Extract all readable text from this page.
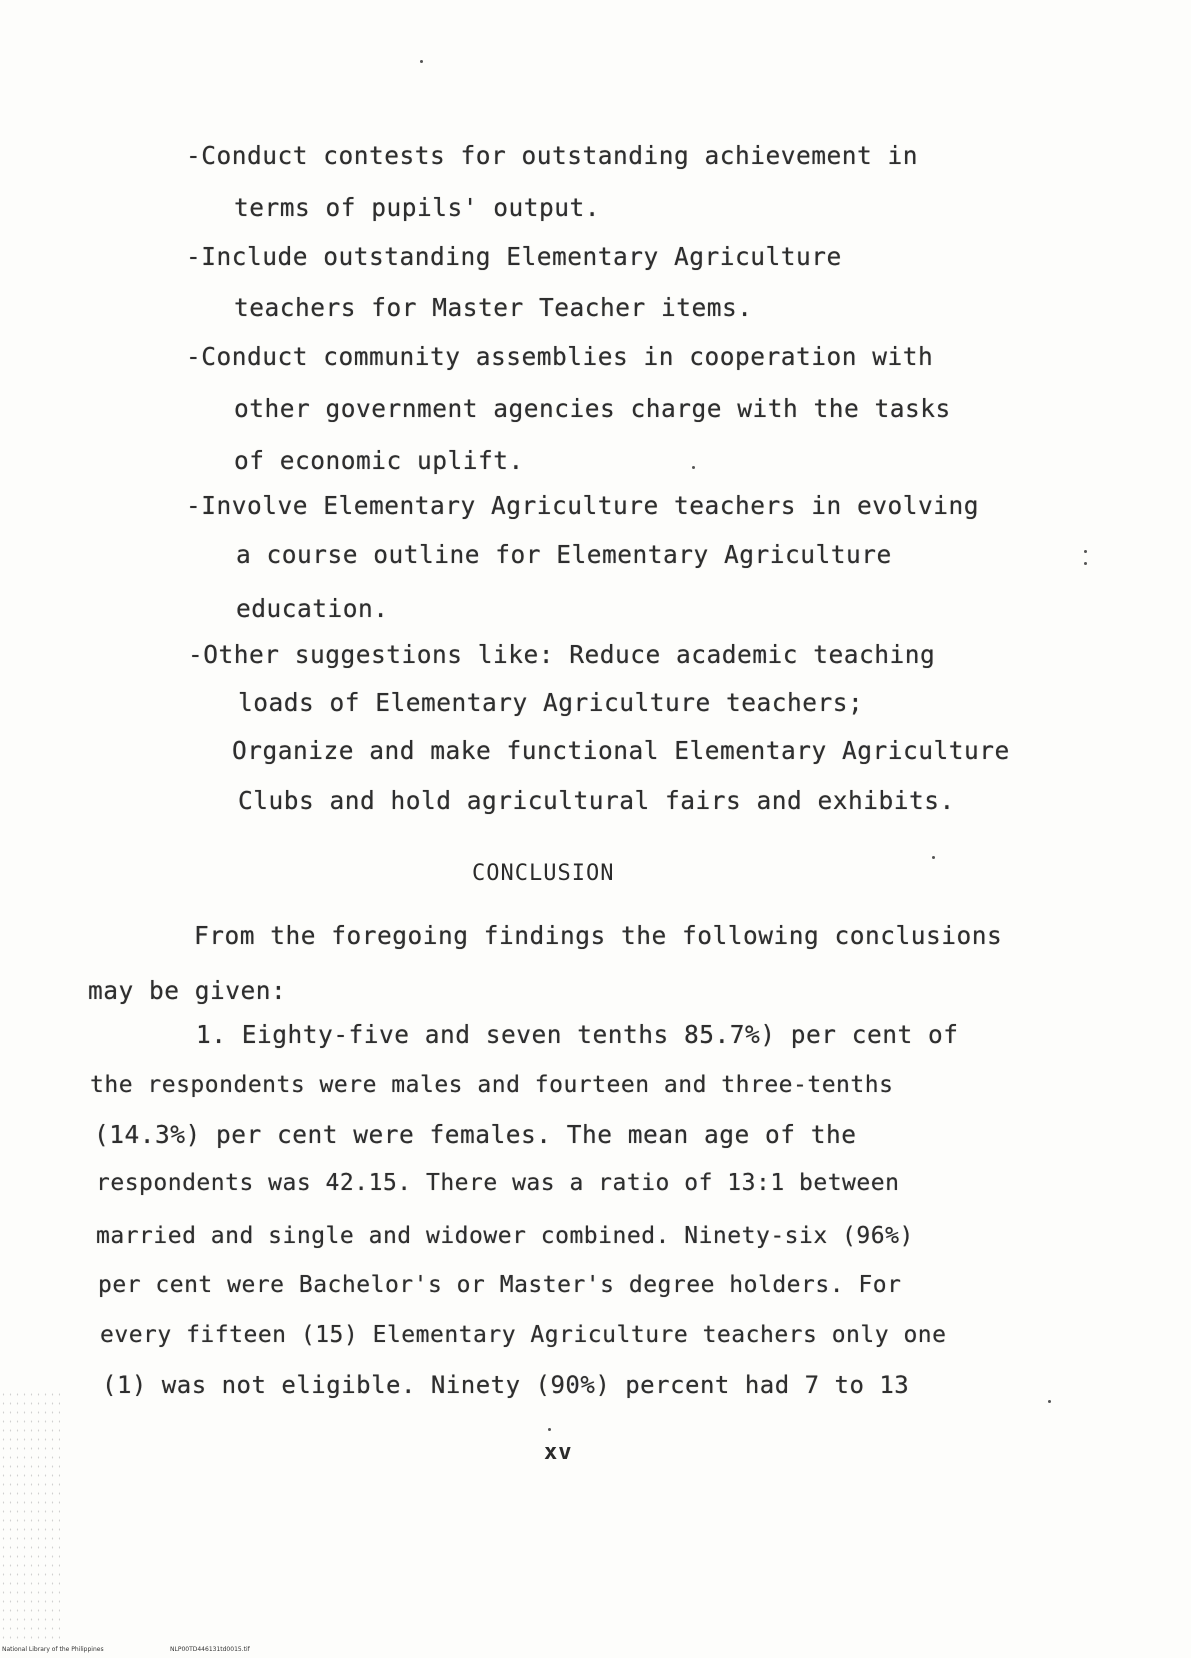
-Conduct contests for outstanding achievement in
terms of pupils' output.
-Include outstanding Elementary Agriculture
teachers for Master Teacher items.
-Conduct community assemblies in cooperation with
other government agencies charge with the tasks
of economic uplift.
-Involve Elementary Agriculture teachers in evolving
a course outline for Elementary Agriculture
education.
-Other suggestions like: Reduce academic teaching
loads of Elementary Agriculture teachers;
Organize and make functional Elementary Agriculture
Clubs and hold agricultural fairs and exhibits.
CONCLUSION
From the foregoing findings the following conclusions
may be given:
1. Eighty-five and seven tenths 85.7%) per cent of
the respondents were males and fourteen and three-tenths
(14.3%) per cent were females. The mean age of the
respondents was 42.15. There was a ratio of 13:1 between
married and single and widower combined. Ninety-six (96%)
per cent were Bachelor's or Master's degree holders. For
every fifteen (15) Elementary Agriculture teachers only one
(1) was not eligible. Ninety (90%) percent had 7 to 13
xv
National Library of the Philippines	NLP00TD446131td0015.tif
